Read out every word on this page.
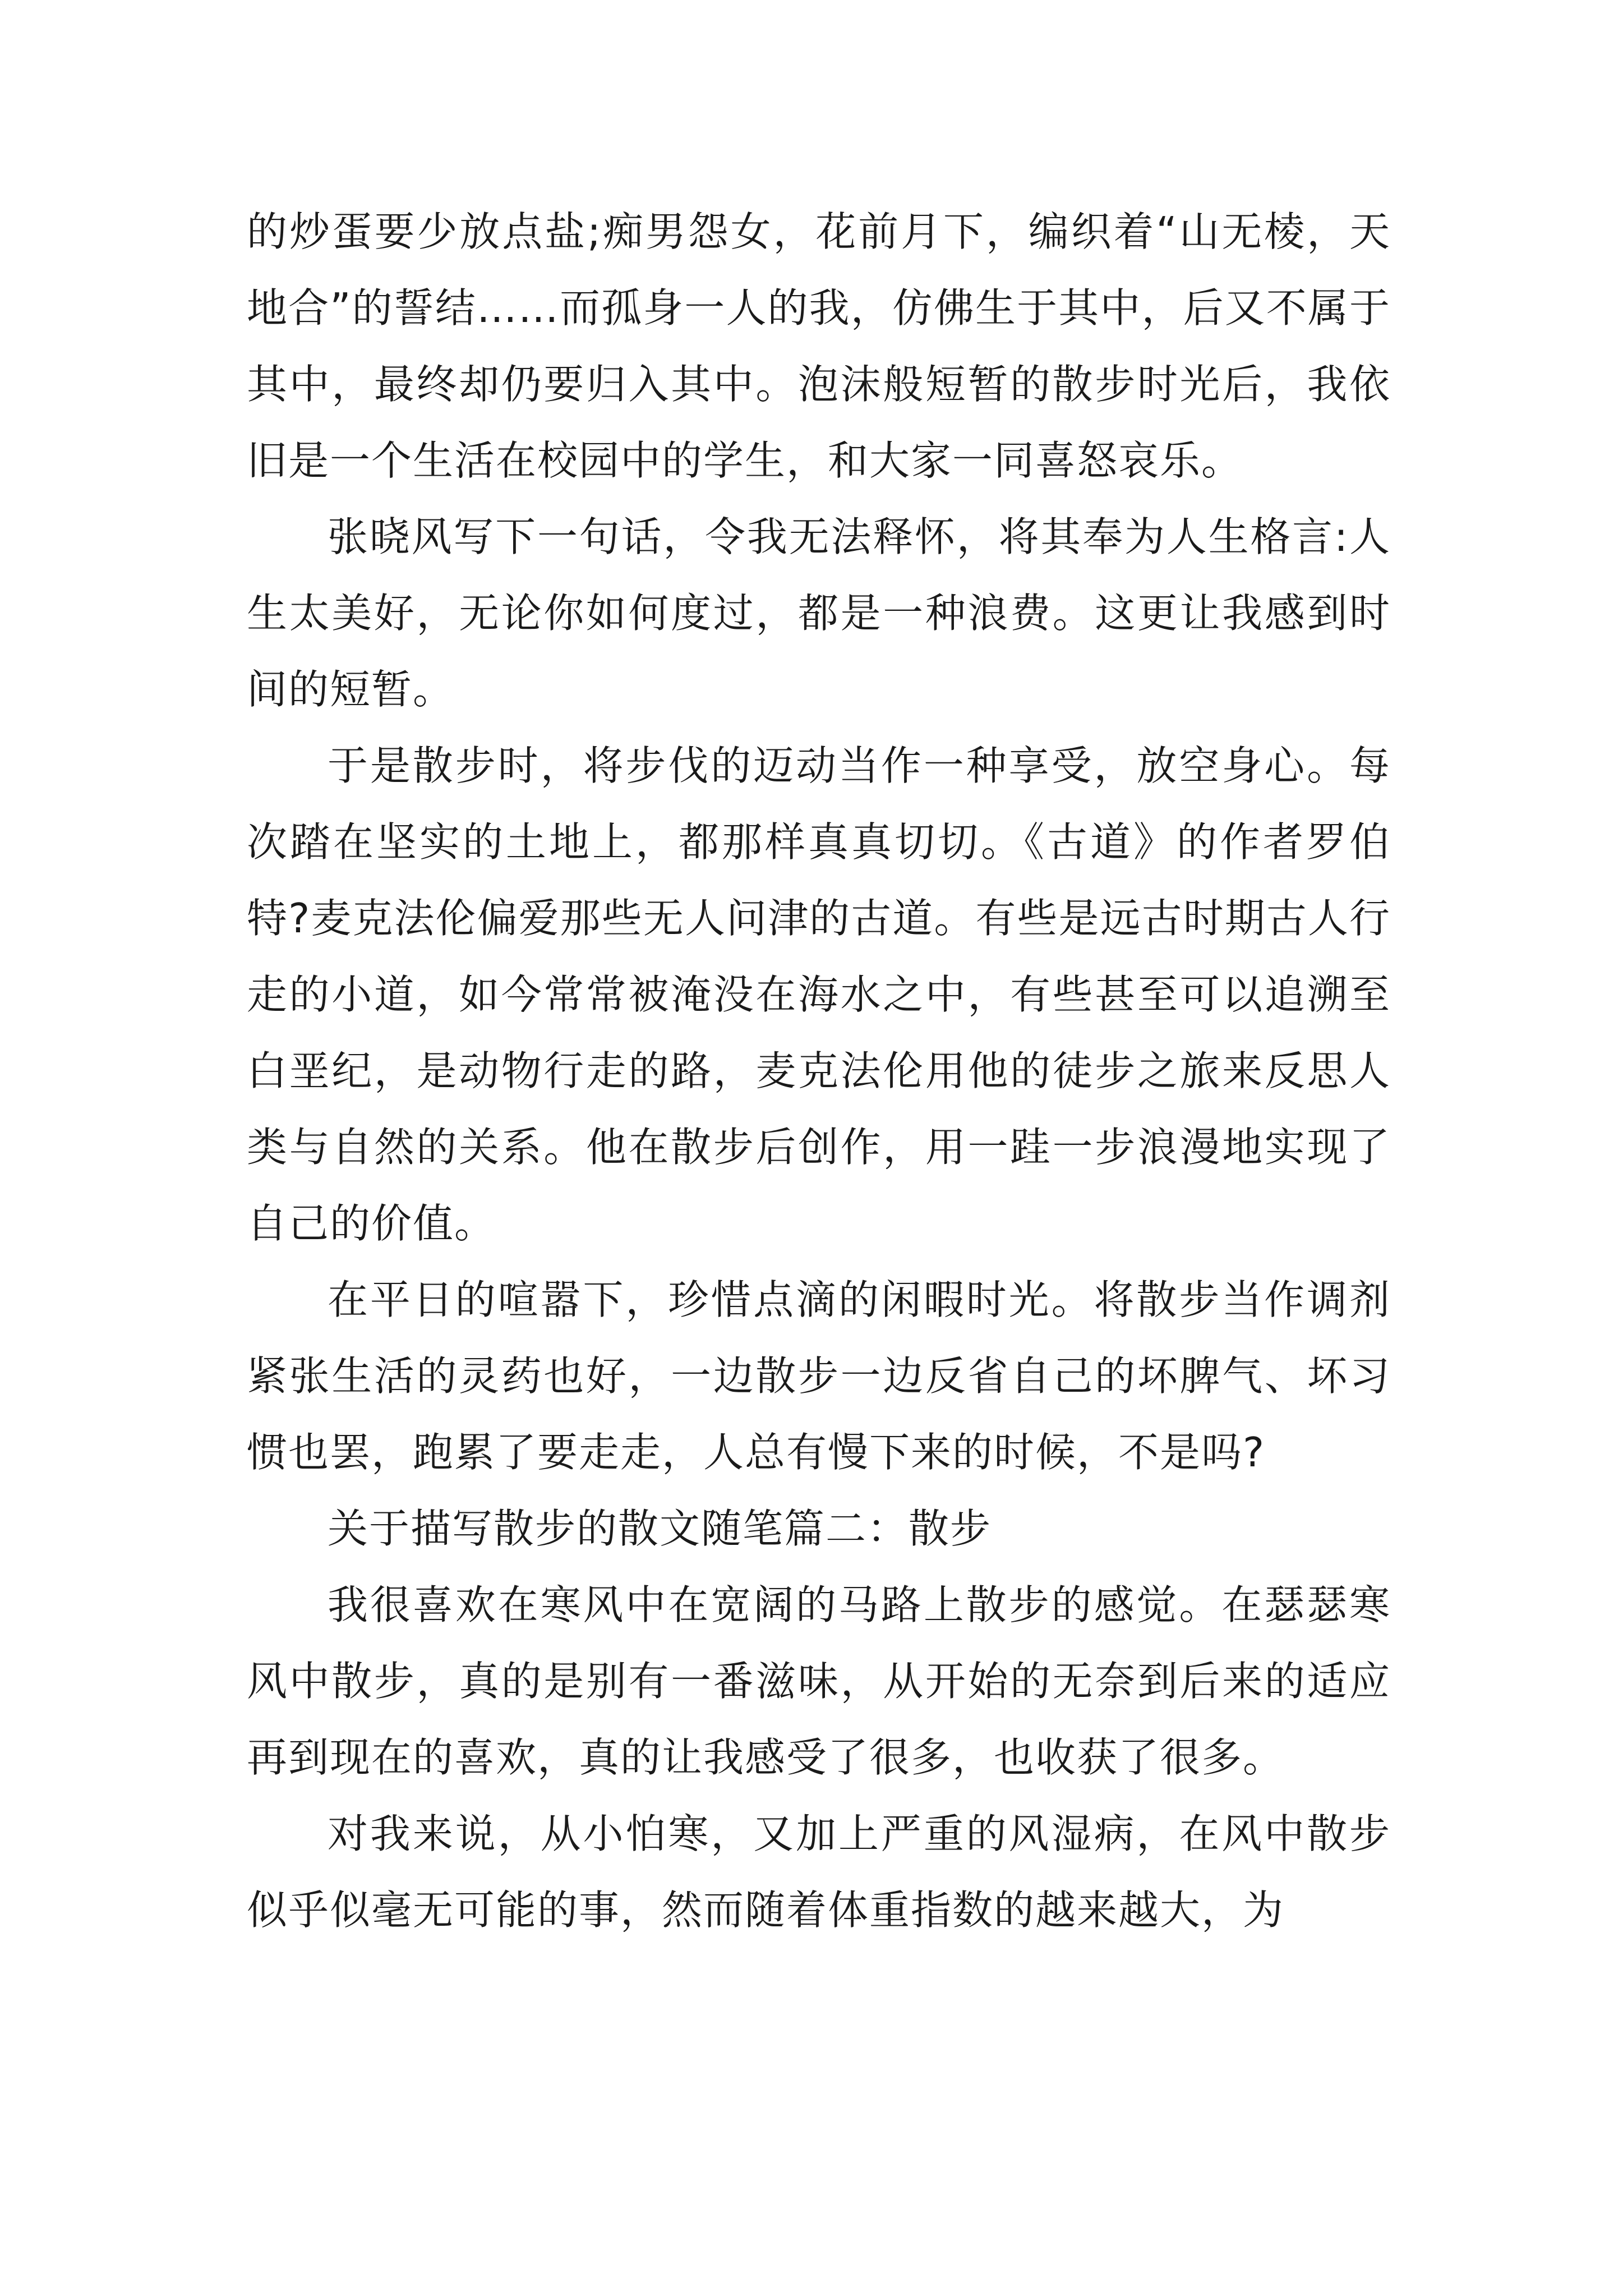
的炒蛋要少放点盐;痴男怨女，花前月下，编织着“山无棱，天地合”的誓结……而孤身一人的我，仿佛生于其中，后又不属于其中，最终却仍要归入其中。泡沫般短暂的散步时光后，我依旧是一个生活在校园中的学生，和大家一同喜怒哀乐。

张晓风写下一句话，令我无法释怀，将其奉为人生格言:人生太美好，无论你如何度过，都是一种浪费。这更让我感到时间的短暂。

于是散步时，将步伐的迈动当作一种享受，放空身心。每次踏在坚实的土地上，都那样真真切切。《古道》的作者罗伯特?麦克法伦偏爱那些无人问津的古道。有些是远古时期古人行走的小道，如今常常被淹没在海水之中，有些甚至可以追溯至白垩纪，是动物行走的路，麦克法伦用他的徒步之旅来反思人类与自然的关系。他在散步后创作，用一跬一步浪漫地实现了自己的价值。

在平日的喧嚣下，珍惜点滴的闲暇时光。将散步当作调剂紧张生活的灵药也好，一边散步一边反省自己的坏脾气、坏习惯也罢，跑累了要走走，人总有慢下来的时候，不是吗?

关于描写散步的散文随笔篇二：散步

我很喜欢在寒风中在宽阔的马路上散步的感觉。在瑟瑟寒风中散步，真的是别有一番滋味，从开始的无奈到后来的适应再到现在的喜欢，真的让我感受了很多，也收获了很多。

对我来说，从小怕寒，又加上严重的风湿病，在风中散步似乎似毫无可能的事，然而随着体重指数的越来越大，为
